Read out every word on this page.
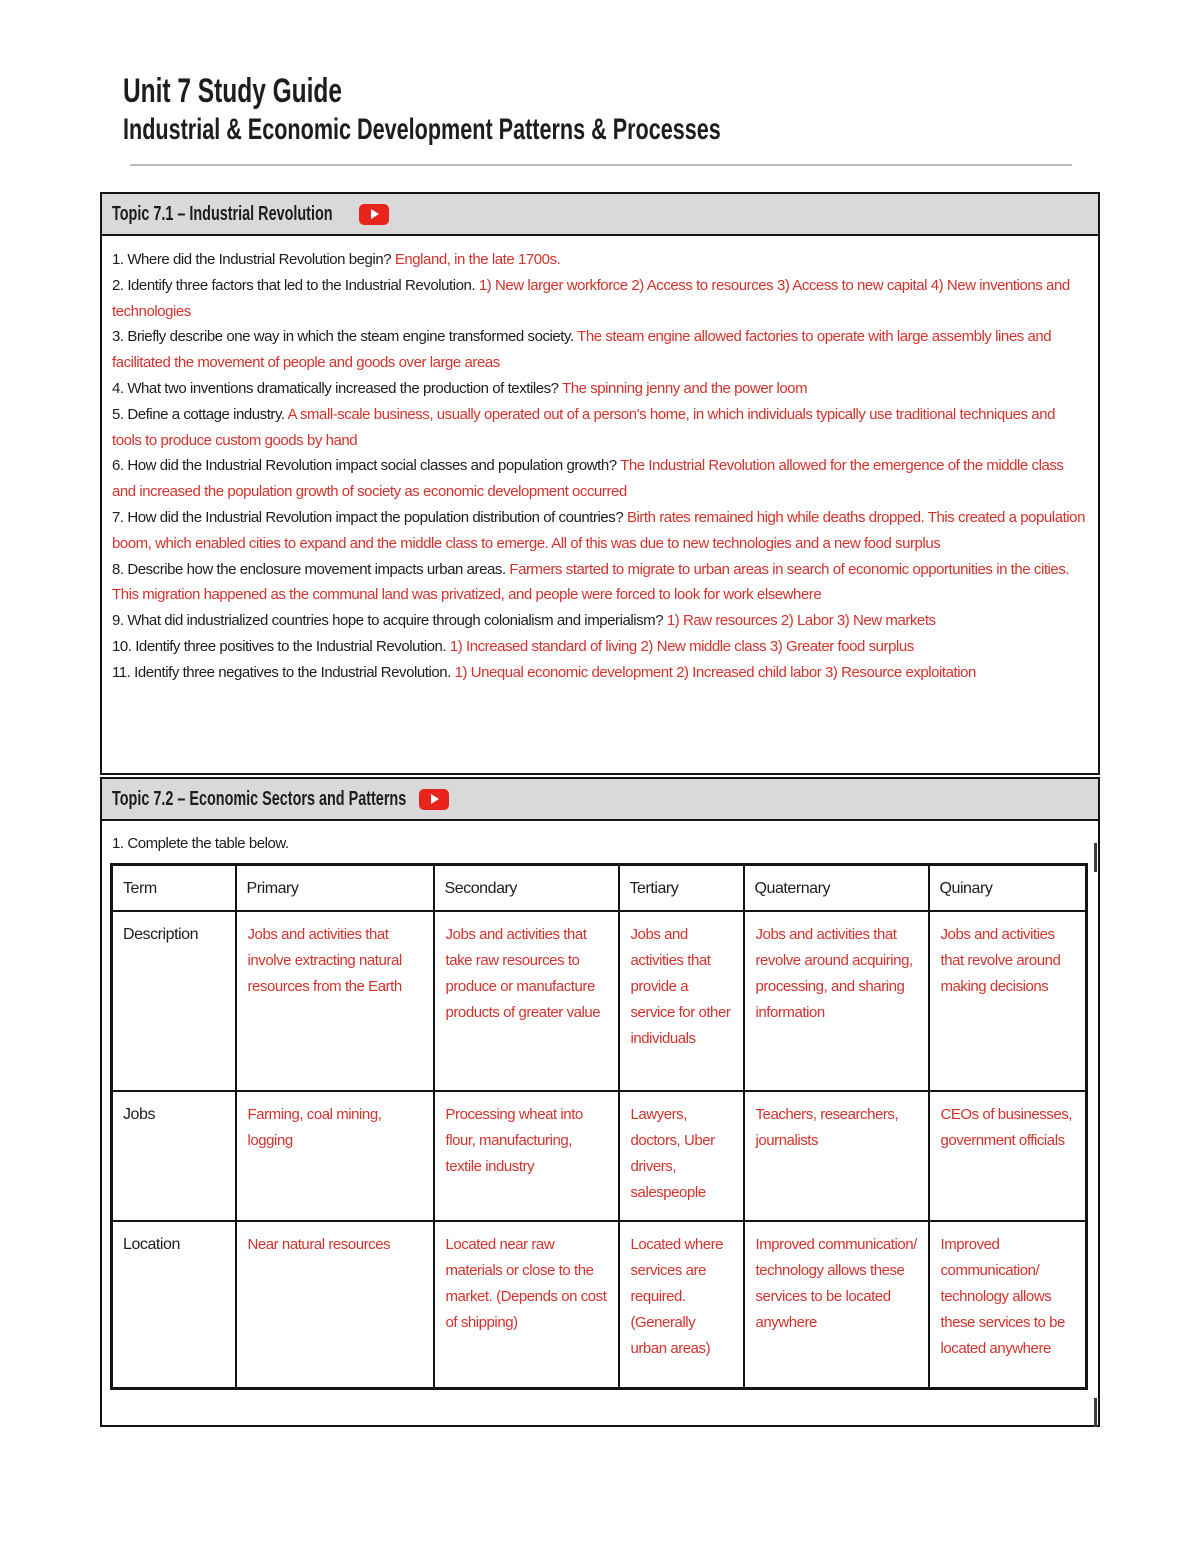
Unit 7 Study Guide
Industrial & Economic Development Patterns & Processes
Topic 7.1 – Industrial Revolution

1. Where did the Industrial Revolution begin? England, in the late 1700s.

2. Identify three factors that led to the Industrial Revolution. 1) New larger workforce 2) Access to resources 3) Access to new capital 4) New inventions and technologies

3. Briefly describe one way in which the steam engine transformed society. The steam engine allowed factories to operate with large assembly lines and facilitated the movement of people and goods over large areas

4. What two inventions dramatically increased the production of textiles? The spinning jenny and the power loom

5. Define a cottage industry. A small-scale business, usually operated out of a person's home, in which individuals typically use traditional techniques and tools to produce custom goods by hand

6. How did the Industrial Revolution impact social classes and population growth? The Industrial Revolution allowed for the emergence of the middle class and increased the population growth of society as economic development occurred

7. How did the Industrial Revolution impact the population distribution of countries? Birth rates remained high while deaths dropped. This created a population boom, which enabled cities to expand and the middle class to emerge. All of this was due to new technologies and a new food surplus

8. Describe how the enclosure movement impacts urban areas. Farmers started to migrate to urban areas in search of economic opportunities in the cities. This migration happened as the communal land was privatized, and people were forced to look for work elsewhere

9. What did industrialized countries hope to acquire through colonialism and imperialism? 1) Raw resources 2) Labor 3) New markets

10. Identify three positives to the Industrial Revolution. 1) Increased standard of living 2) New middle class 3) Greater food surplus

11. Identify three negatives to the Industrial Revolution. 1) Unequal economic development 2) Increased child labor 3) Resource exploitation

Topic 7.2 – Economic Sectors and Patterns

1. Complete the table below.

Term	Primary	Secondary	Tertiary	Quaternary	Quinary
Description	Jobs and activities that involve extracting natural resources from the Earth	Jobs and activities that take raw resources to produce or manufacture products of greater value	Jobs and activities that provide a service for other individuals	Jobs and activities that revolve around acquiring, processing, and sharing information	Jobs and activities that revolve around making decisions
Jobs	Farming, coal mining, logging	Processing wheat into flour, manufacturing, textile industry	Lawyers, doctors, Uber drivers, salespeople	Teachers, researchers, journalists	CEOs of businesses, government officials
Location	Near natural resources	Located near raw materials or close to the market. (Depends on cost of shipping)	Located where services are required. (Generally urban areas)	Improved communication/ technology allows these services to be located anywhere	Improved communication/ technology allows these services to be located anywhere
